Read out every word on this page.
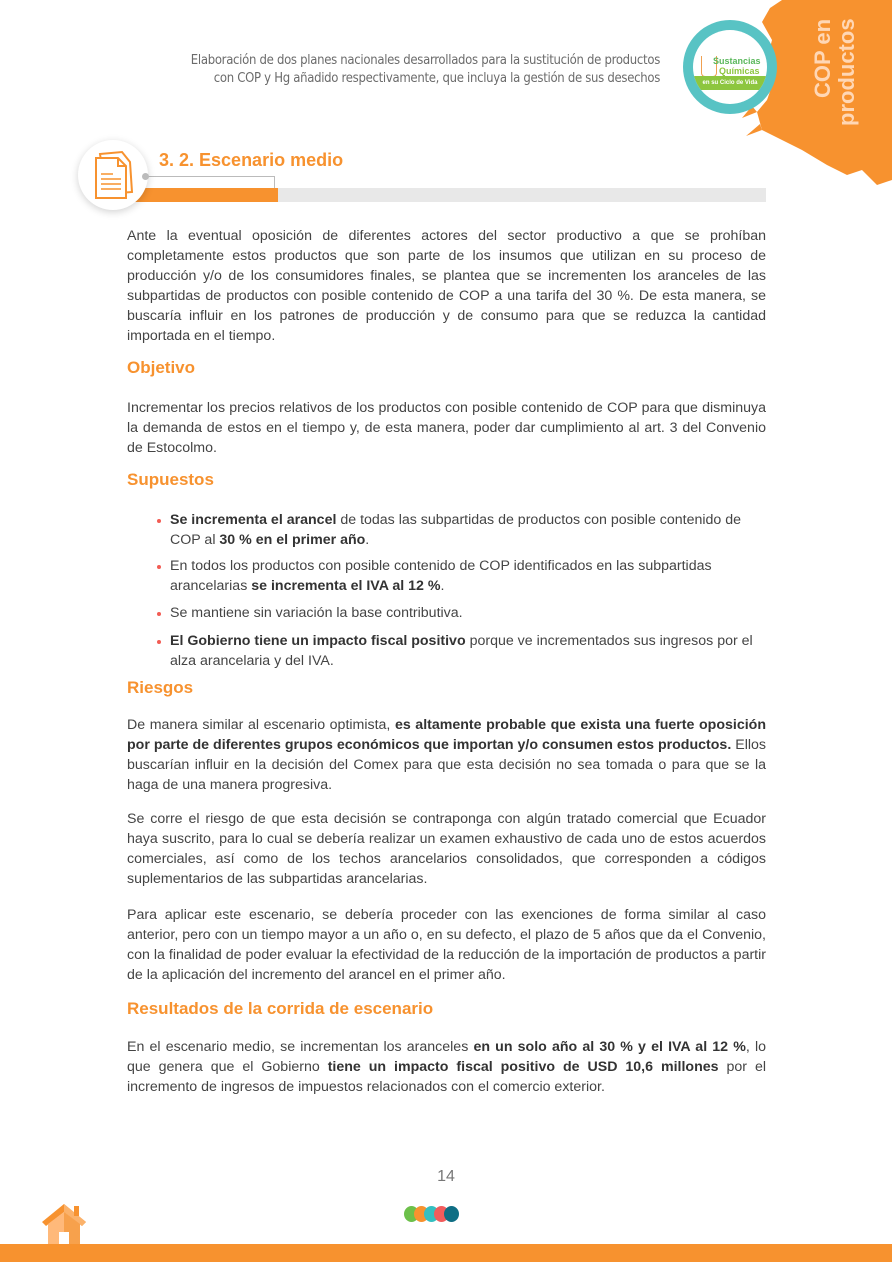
Elaboración de dos planes nacionales desarrollados para la sustitución de productos
con COP y Hg añadido respectivamente, que incluya la gestión de sus desechos
Sustancias
Químicas
en su Ciclo de Vida	COP en productos
3. 2. Escenario medio

Ante la eventual oposición de diferentes actores del sector productivo a que se prohíban completamente estos productos que son parte de los insumos que utilizan en su proceso de producción y/o de los consumidores finales, se plantea que se incrementen los aranceles de las subpartidas de productos con posible contenido de COP a una tarifa del 30 %. De esta manera, se buscaría influir en los patrones de producción y de consumo para que se reduzca la cantidad importada en el tiempo.

Objetivo

Incrementar los precios relativos de los productos con posible contenido de COP para que disminuya la demanda de estos en el tiempo y, de esta manera, poder dar cumplimiento al art. 3 del Convenio de Estocolmo.

Supuestos
Se incrementa el arancel de todas las subpartidas de productos con posible contenido de COP al 30 % en el primer año.
En todos los productos con posible contenido de COP identificados en las subpartidas arancelarias se incrementa el IVA al 12 %.
Se mantiene sin variación la base contributiva.
El Gobierno tiene un impacto fiscal positivo porque ve incrementados sus ingresos por el alza arancelaria y del IVA.
Riesgos

De manera similar al escenario optimista, es altamente probable que exista una fuerte oposición por parte de diferentes grupos económicos que importan y/o consumen estos productos. Ellos buscarían influir en la decisión del Comex para que esta decisión no sea tomada o para que se la haga de una manera progresiva.

Se corre el riesgo de que esta decisión se contraponga con algún tratado comercial que Ecuador haya suscrito, para lo cual se debería realizar un examen exhaustivo de cada uno de estos acuerdos comerciales, así como de los techos arancelarios consolidados, que corresponden a códigos suplementarios de las subpartidas arancelarias.

Para aplicar este escenario, se debería proceder con las exenciones de forma similar al caso anterior, pero con un tiempo mayor a un año o, en su defecto, el plazo de 5 años que da el Convenio, con la finalidad de poder evaluar la efectividad de la reducción de la importación de productos a partir de la aplicación del incremento del arancel en el primer año.

Resultados de la corrida de escenario

En el escenario medio, se incrementan los aranceles en un solo año al 30 % y el IVA al 12 %, lo que genera que el Gobierno tiene un impacto fiscal positivo de USD 10,6 millones por el incremento de ingresos de impuestos relacionados con el comercio exterior.

14
